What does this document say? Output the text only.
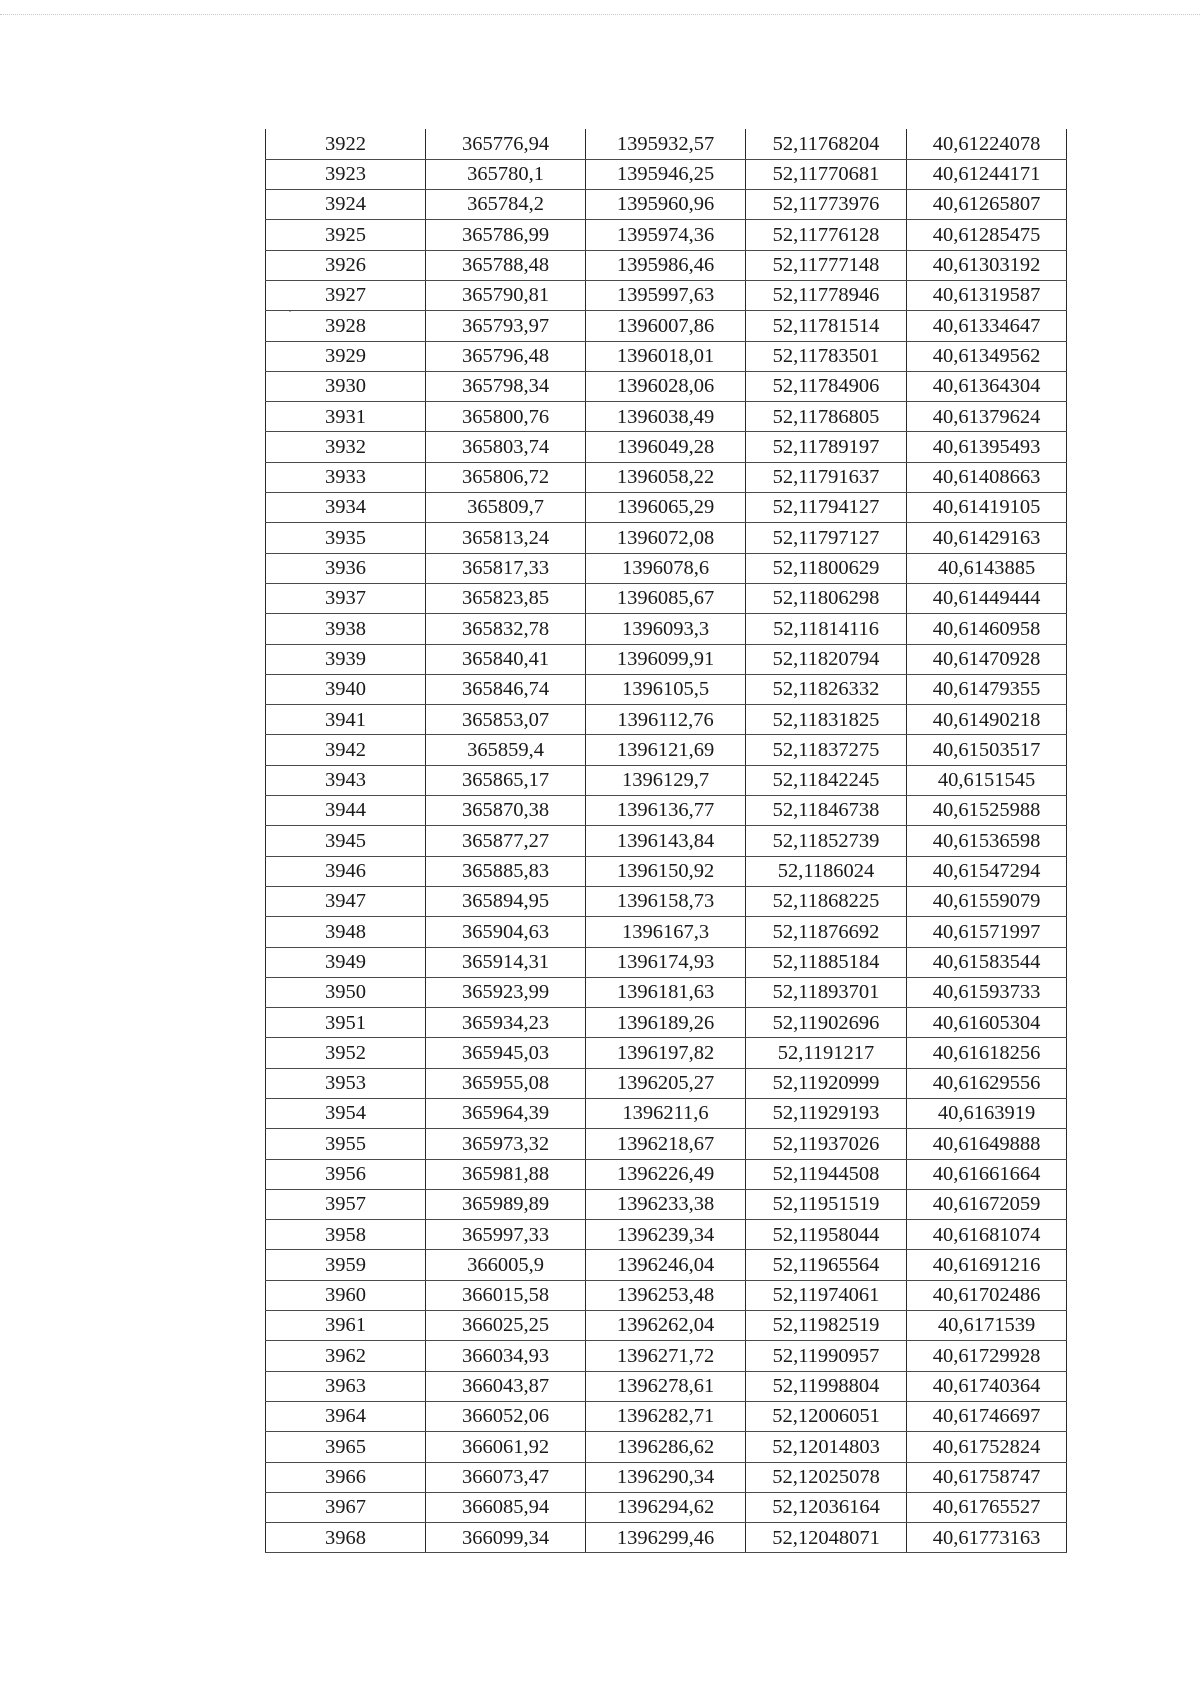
3922	365776,94	1395932,57	52,11768204	40,61224078
3923	365780,1	1395946,25	52,11770681	40,61244171
3924	365784,2	1395960,96	52,11773976	40,61265807
3925	365786,99	1395974,36	52,11776128	40,61285475
3926	365788,48	1395986,46	52,11777148	40,61303192
3927	365790,81	1395997,63	52,11778946	40,61319587
3928	365793,97	1396007,86	52,11781514	40,61334647
3929	365796,48	1396018,01	52,11783501	40,61349562
3930	365798,34	1396028,06	52,11784906	40,61364304
3931	365800,76	1396038,49	52,11786805	40,61379624
3932	365803,74	1396049,28	52,11789197	40,61395493
3933	365806,72	1396058,22	52,11791637	40,61408663
3934	365809,7	1396065,29	52,11794127	40,61419105
3935	365813,24	1396072,08	52,11797127	40,61429163
3936	365817,33	1396078,6	52,11800629	40,6143885
3937	365823,85	1396085,67	52,11806298	40,61449444
3938	365832,78	1396093,3	52,11814116	40,61460958
3939	365840,41	1396099,91	52,11820794	40,61470928
3940	365846,74	1396105,5	52,11826332	40,61479355
3941	365853,07	1396112,76	52,11831825	40,61490218
3942	365859,4	1396121,69	52,11837275	40,61503517
3943	365865,17	1396129,7	52,11842245	40,6151545
3944	365870,38	1396136,77	52,11846738	40,61525988
3945	365877,27	1396143,84	52,11852739	40,61536598
3946	365885,83	1396150,92	52,1186024	40,61547294
3947	365894,95	1396158,73	52,11868225	40,61559079
3948	365904,63	1396167,3	52,11876692	40,61571997
3949	365914,31	1396174,93	52,11885184	40,61583544
3950	365923,99	1396181,63	52,11893701	40,61593733
3951	365934,23	1396189,26	52,11902696	40,61605304
3952	365945,03	1396197,82	52,1191217	40,61618256
3953	365955,08	1396205,27	52,11920999	40,61629556
3954	365964,39	1396211,6	52,11929193	40,6163919
3955	365973,32	1396218,67	52,11937026	40,61649888
3956	365981,88	1396226,49	52,11944508	40,61661664
3957	365989,89	1396233,38	52,11951519	40,61672059
3958	365997,33	1396239,34	52,11958044	40,61681074
3959	366005,9	1396246,04	52,11965564	40,61691216
3960	366015,58	1396253,48	52,11974061	40,61702486
3961	366025,25	1396262,04	52,11982519	40,6171539
3962	366034,93	1396271,72	52,11990957	40,61729928
3963	366043,87	1396278,61	52,11998804	40,61740364
3964	366052,06	1396282,71	52,12006051	40,61746697
3965	366061,92	1396286,62	52,12014803	40,61752824
3966	366073,47	1396290,34	52,12025078	40,61758747
3967	366085,94	1396294,62	52,12036164	40,61765527
3968	366099,34	1396299,46	52,12048071	40,61773163
